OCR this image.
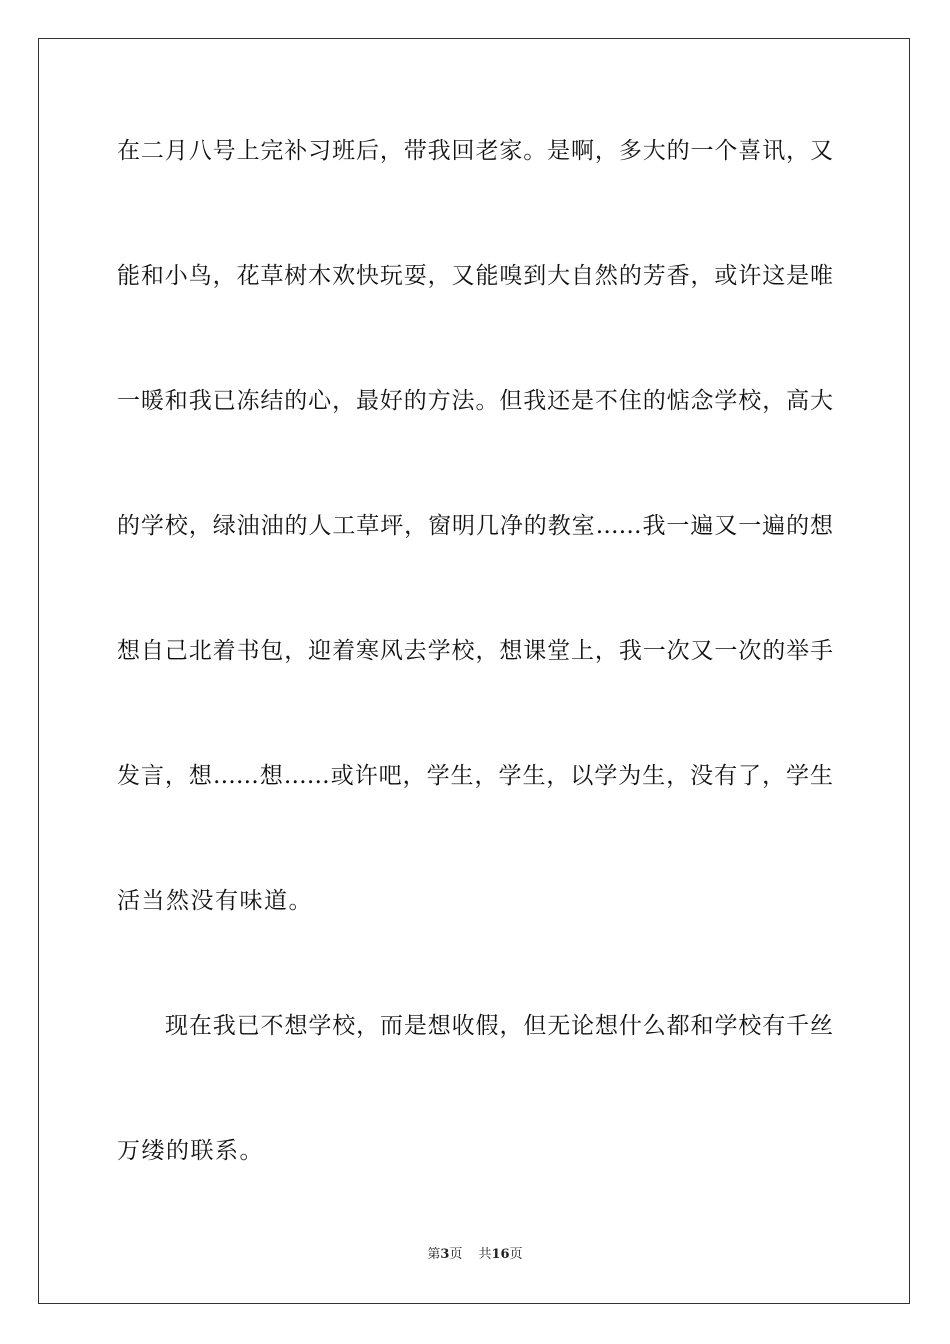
在二月八号上完补习班后，带我回老家。是啊，多大的一个喜讯，又

能和小鸟，花草树木欢快玩耍，又能嗅到大自然的芳香，或许这是唯

一暖和我已冻结的心，最好的方法。但我还是不住的惦念学校，高大

的学校，绿油油的人工草坪，窗明几净的教室……我一遍又一遍的想

想自己北着书包，迎着寒风去学校，想课堂上，我一次又一次的举手

发言，想……想……或许吧，学生，学生，以学为生，没有了，学生

活当然没有味道。

现在我已不想学校，而是想收假，但无论想什么都和学校有千丝

万缕的联系。

第3页 共16页
